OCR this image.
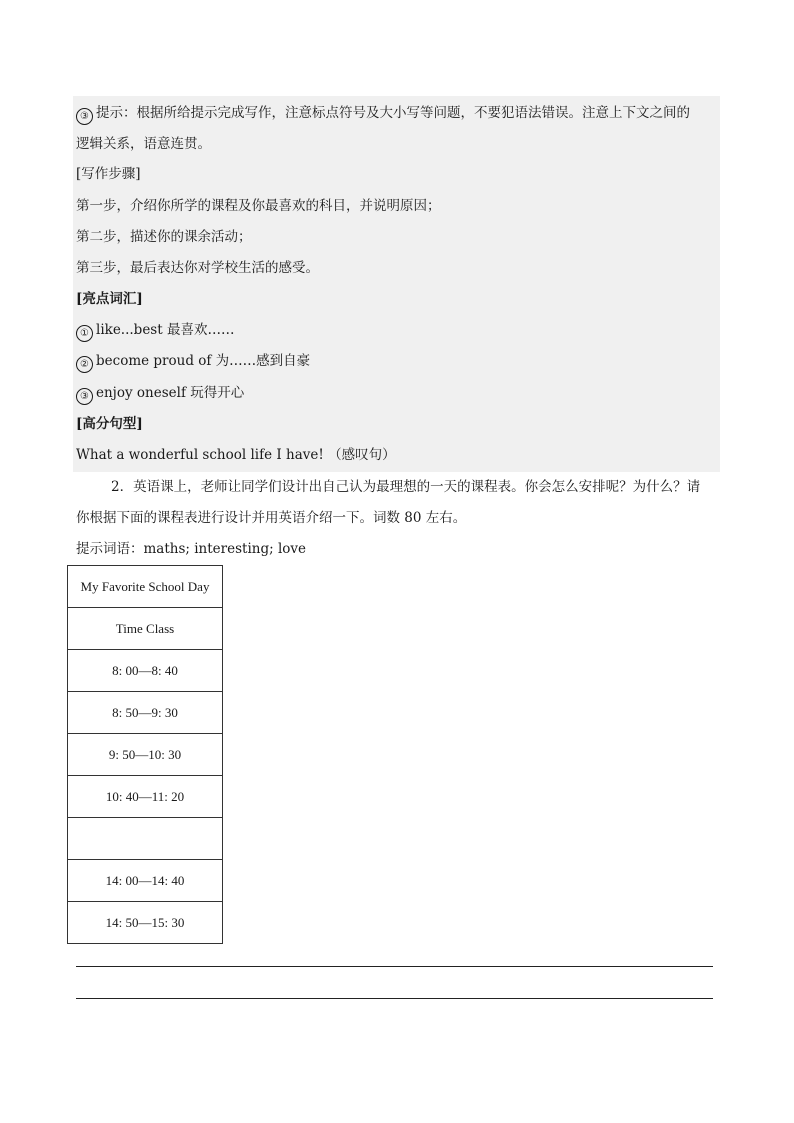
③ 提示：根据所给提示完成写作，注意标点符号及大小写等问题，不要犯语法错误。注意上下文之间的
逻辑关系，语意连贯。
[写作步骤]
第一步，介绍你所学的课程及你最喜欢的科目，并说明原因；
第二步，描述你的课余活动；
第三步，最后表达你对学校生活的感受。
[亮点词汇]
① like...best 最喜欢……
② become proud of 为……感到自豪
③ enjoy oneself 玩得开心
[高分句型]
What a wonderful school life I have! （感叹句）
2．英语课上，老师让同学们设计出自己认为最理想的一天的课程表。你会怎么安排呢？为什么？请
你根据下面的课程表进行设计并用英语介绍一下。词数 80 左右。
提示词语：maths; interesting; love
My Favorite School Day
Time Class
8: 00—8: 40
8: 50—9: 30
9: 50—10: 30
10: 40—11: 20

14: 00—14: 40
14: 50—15: 30
